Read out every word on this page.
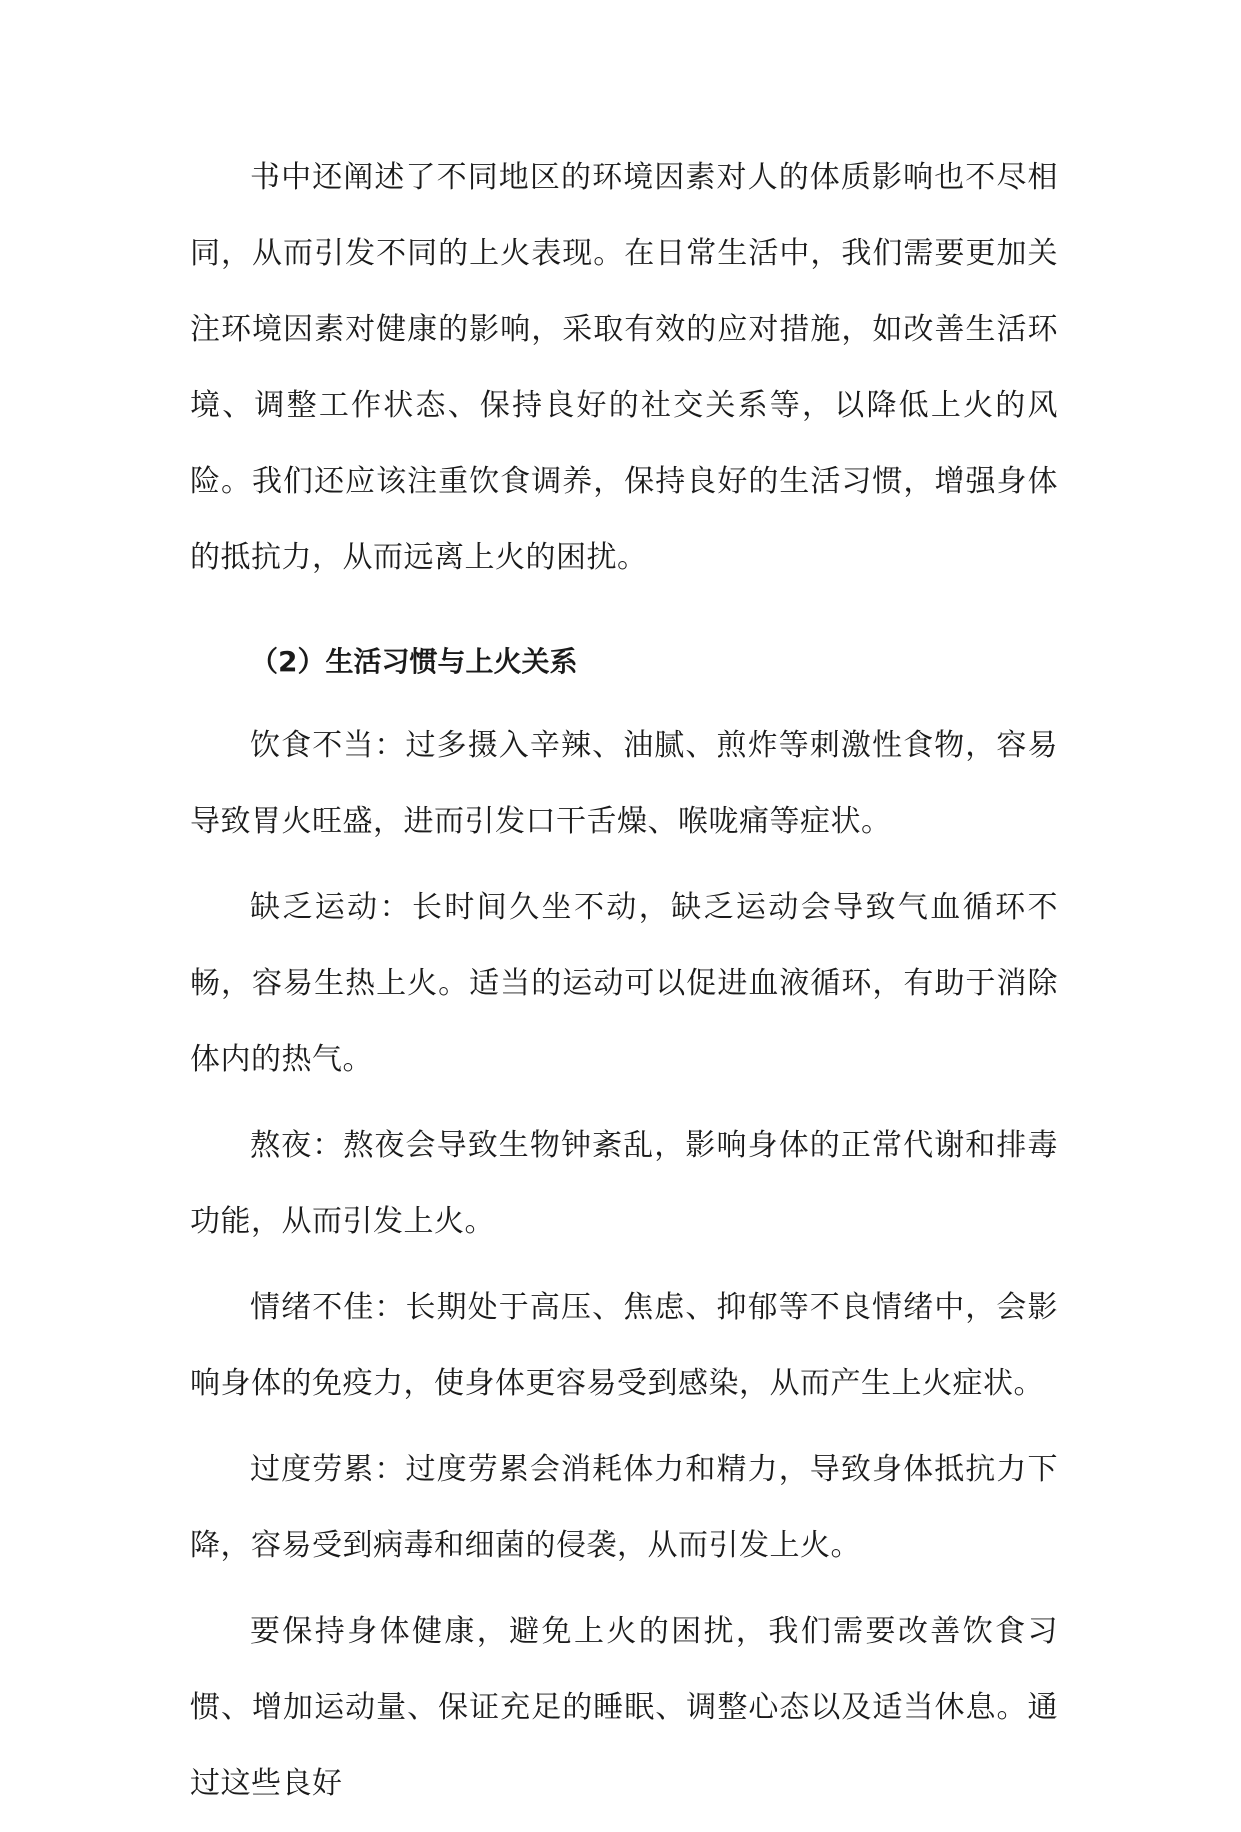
书中还阐述了不同地区的环境因素对人的体质影响也不尽相同，从而引发不同的上火表现。在日常生活中，我们需要更加关注环境因素对健康的影响，采取有效的应对措施，如改善生活环境、调整工作状态、保持良好的社交关系等，以降低上火的风险。我们还应该注重饮食调养，保持良好的生活习惯，增强身体的抵抗力，从而远离上火的困扰。

（2）生活习惯与上火关系

饮食不当：过多摄入辛辣、油腻、煎炸等刺激性食物，容易导致胃火旺盛，进而引发口干舌燥、喉咙痛等症状。

缺乏运动：长时间久坐不动，缺乏运动会导致气血循环不畅，容易生热上火。适当的运动可以促进血液循环，有助于消除体内的热气。

熬夜：熬夜会导致生物钟紊乱，影响身体的正常代谢和排毒功能，从而引发上火。

情绪不佳：长期处于高压、焦虑、抑郁等不良情绪中，会影响身体的免疫力，使身体更容易受到感染，从而产生上火症状。

过度劳累：过度劳累会消耗体力和精力，导致身体抵抗力下降，容易受到病毒和细菌的侵袭，从而引发上火。

要保持身体健康，避免上火的困扰，我们需要改善饮食习惯、增加运动量、保证充足的睡眠、调整心态以及适当休息。通过这些良好
